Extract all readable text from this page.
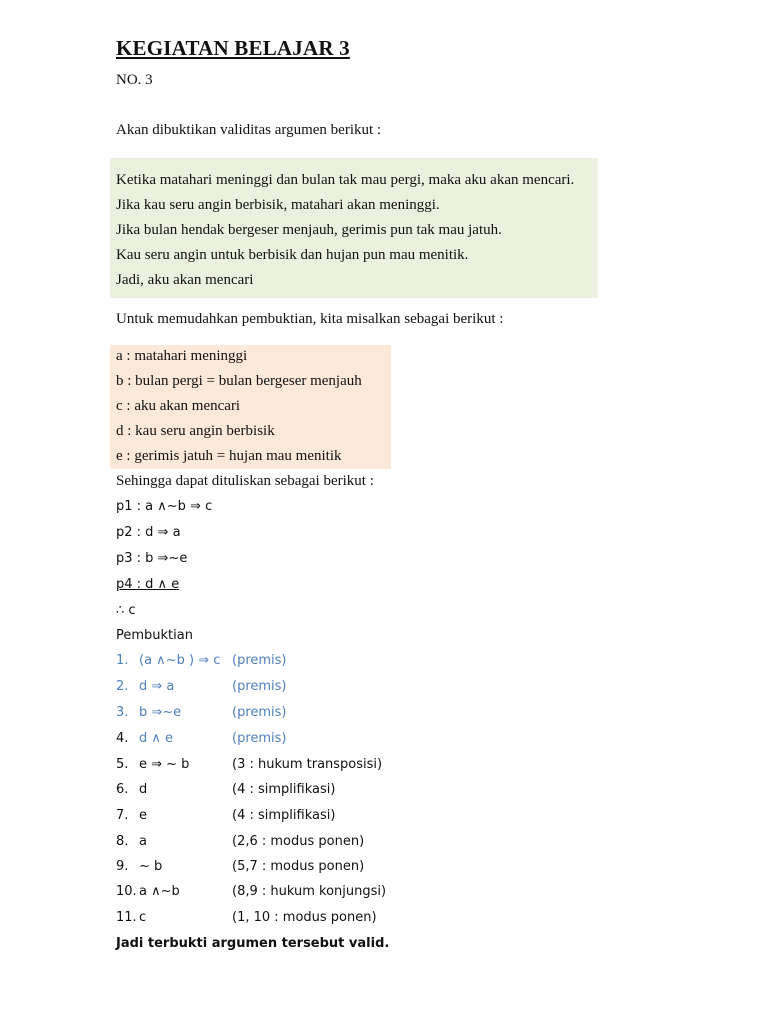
KEGIATAN BELAJAR 3
NO. 3
Akan dibuktikan validitas argumen berikut :
Ketika matahari meninggi dan bulan tak mau pergi, maka aku akan mencari.
Jika kau seru angin berbisik, matahari akan meninggi.
Jika bulan hendak bergeser menjauh, gerimis pun tak mau jatuh.
Kau seru angin untuk berbisik dan hujan pun mau menitik.
Jadi, aku akan mencari
Untuk memudahkan pembuktian, kita misalkan sebagai berikut :
a : matahari meninggi
b : bulan pergi = bulan bergeser menjauh
c : aku akan mencari
d : kau seru angin berbisik
e : gerimis jatuh = hujan mau menitik
Sehingga dapat dituliskan sebagai berikut :
p1 : a ∧~b ⇒ c
p2 : d ⇒ a
p3 : b ⇒~e
p4 : d ∧ e
∴ c
Pembuktian
1. (a ∧~b ) ⇒ c (premis)
2. d ⇒ a	(premis)
3. b ⇒~e	(premis)
4. d ∧ e	(premis)
5. e ⇒ ~ b	(3 : hukum transposisi)
6. d	(4 : simplifikasi)
7. e	(4 : simplifikasi)
8. a	(2,6 : modus ponen)
9. ~ b	(5,7 : modus ponen)
10. a ∧~b	(8,9 : hukum konjungsi)
11. c	(1, 10 : modus ponen)
Jadi terbukti argumen tersebut valid.
